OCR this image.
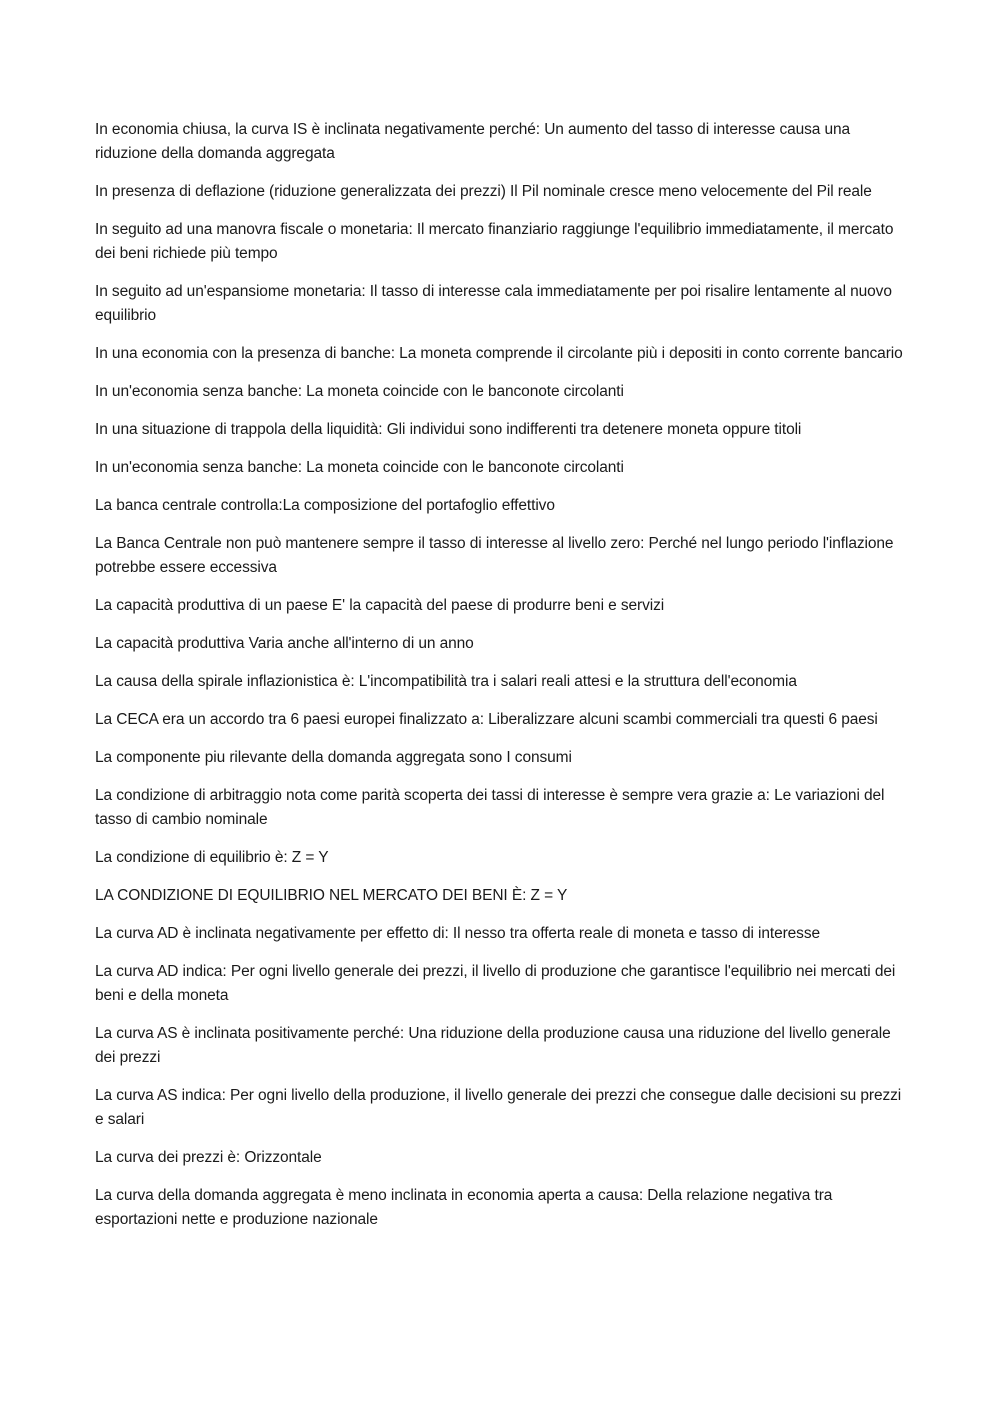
In economia chiusa, la curva IS è inclinata negativamente perché: Un aumento del tasso di interesse causa una riduzione della domanda aggregata

In presenza di deflazione (riduzione generalizzata dei prezzi) Il Pil nominale cresce meno velocemente del Pil reale

In seguito ad una manovra fiscale o monetaria: Il mercato finanziario raggiunge l'equilibrio immediatamente, il mercato dei beni richiede più tempo

In seguito ad un'espansiome monetaria: Il tasso di interesse cala immediatamente per poi risalire lentamente al nuovo equilibrio

In una economia con la presenza di banche: La moneta comprende il circolante più i depositi in conto corrente bancario

In un'economia senza banche: La moneta coincide con le banconote circolanti

In una situazione di trappola della liquidità: Gli individui sono indifferenti tra detenere moneta oppure titoli

In un'economia senza banche: La moneta coincide con le banconote circolanti

La banca centrale controlla:La composizione del portafoglio effettivo

La Banca Centrale non può mantenere sempre il tasso di interesse al livello zero: Perché nel lungo periodo l'inflazione potrebbe essere eccessiva

La capacità produttiva di un paese E' la capacità del paese di produrre beni e servizi

La capacità produttiva Varia anche all'interno di un anno

La causa della spirale inflazionistica è: L'incompatibilità tra i salari reali attesi e la struttura dell'economia

La CECA era un accordo tra 6 paesi europei finalizzato a: Liberalizzare alcuni scambi commerciali tra questi 6 paesi

La componente piu rilevante della domanda aggregata sono I consumi

La condizione di arbitraggio nota come parità scoperta dei tassi di interesse è sempre vera grazie a: Le variazioni del tasso di cambio nominale

La condizione di equilibrio è: Z = Y

LA CONDIZIONE DI EQUILIBRIO NEL MERCATO DEI BENI È: Z = Y

La curva AD è inclinata negativamente per effetto di: Il nesso tra offerta reale di moneta e tasso di interesse

La curva AD indica: Per ogni livello generale dei prezzi, il livello di produzione che garantisce l'equilibrio nei mercati dei beni e della moneta

La curva AS è inclinata positivamente perché: Una riduzione della produzione causa una riduzione del livello generale dei prezzi

La curva AS indica: Per ogni livello della produzione, il livello generale dei prezzi che consegue dalle decisioni su prezzi e salari

La curva dei prezzi è: Orizzontale

La curva della domanda aggregata è meno inclinata in economia aperta a causa: Della relazione negativa tra esportazioni nette e produzione nazionale
